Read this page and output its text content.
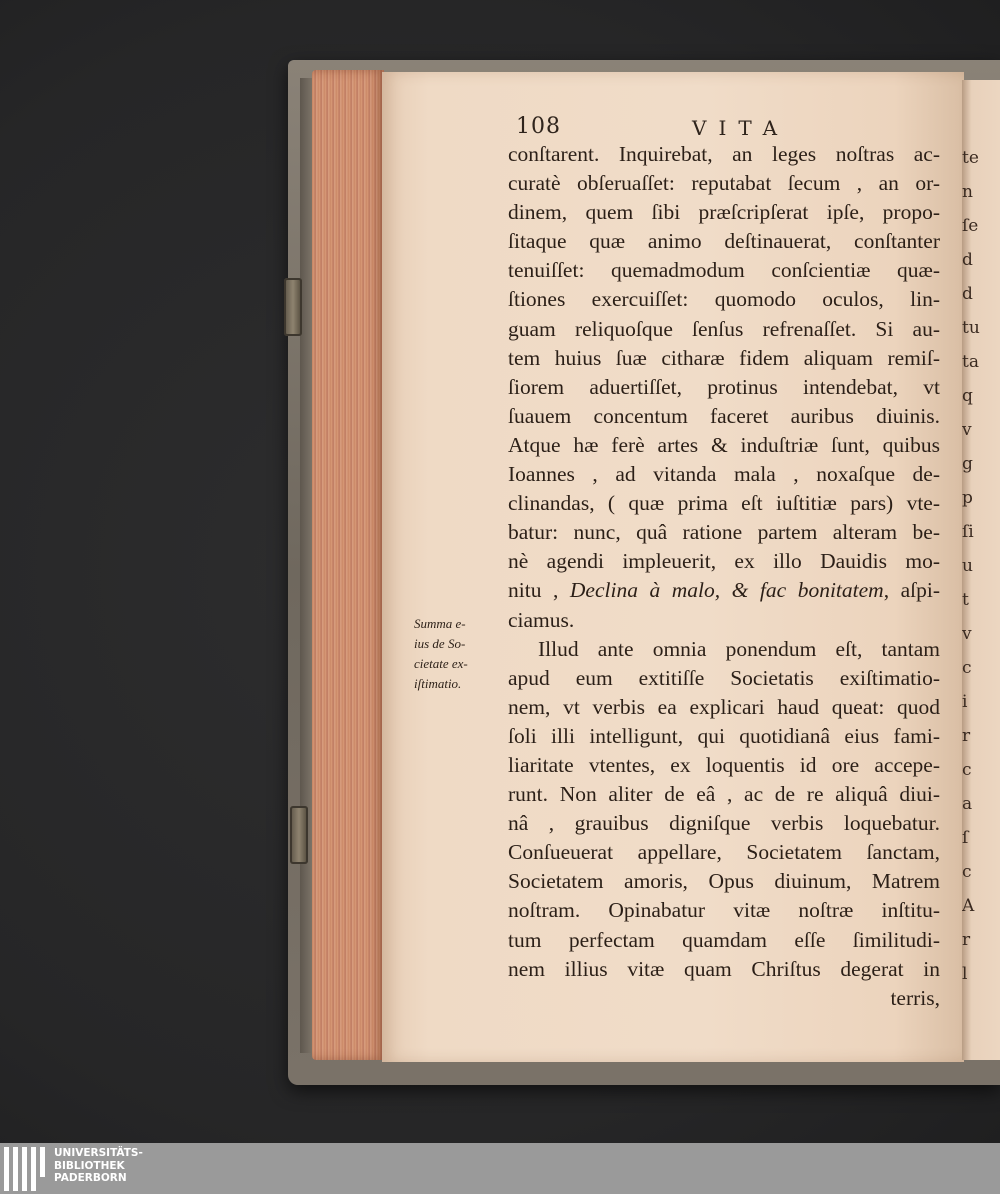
te
n
ſe
d
d
tu
ta
q
v
g
p
ſi
u
t
v
c
i
r
c
a
ſ
c
A
r
l
108	VITA
conſtarent. Inquirebat, an leges noſtras ac-
curatè obſeruaſſet: reputabat ſecum , an or-
dinem, quem ſibi præſcripſerat ipſe, propo-
ſitaque quæ animo deſtinauerat, conſtanter
tenuiſſet: quemadmodum conſcientiæ quæ-
ſtiones exercuiſſet: quomodo oculos, lin-
guam reliquoſque ſenſus refrenaſſet. Si au-
tem huius ſuæ citharæ fidem aliquam remiſ-
ſiorem aduertiſſet, protinus intendebat, vt
ſuauem concentum faceret auribus diuinis.
Atque hæ ferè artes & induſtriæ ſunt, quibus
Ioannes , ad vitanda mala , noxaſque de-
clinandas, ( quæ prima eſt iuſtitiæ pars) vte-
batur: nunc, quâ ratione partem alteram be-
nè agendi impleuerit, ex illo Dauidis mo-
nitu , Declina à malo, & fac bonitatem, aſpi-
ciamus.
Illud ante omnia ponendum eſt, tantam
apud eum extitiſſe Societatis exiſtimatio-
nem, vt verbis ea explicari haud queat: quod
ſoli illi intelligunt, qui quotidianâ eius fami-
liaritate vtentes, ex loquentis id ore accepe-
runt. Non aliter de eâ , ac de re aliquâ diui-
nâ , grauibus digniſque verbis loquebatur.
Conſueuerat appellare, Societatem ſanctam,
Societatem amoris, Opus diuinum, Matrem
noſtram. Opinabatur vitæ noſtræ inſtitu-
tum perfectam quamdam eſſe ſimilitudi-
nem illius vitæ quam Chriſtus degerat in
terris,
Summa e-
ius de So-
cietate ex-
iſtimatio.
UNIVERSITÄTS-
BIBLIOTHEK
PADERBORN
